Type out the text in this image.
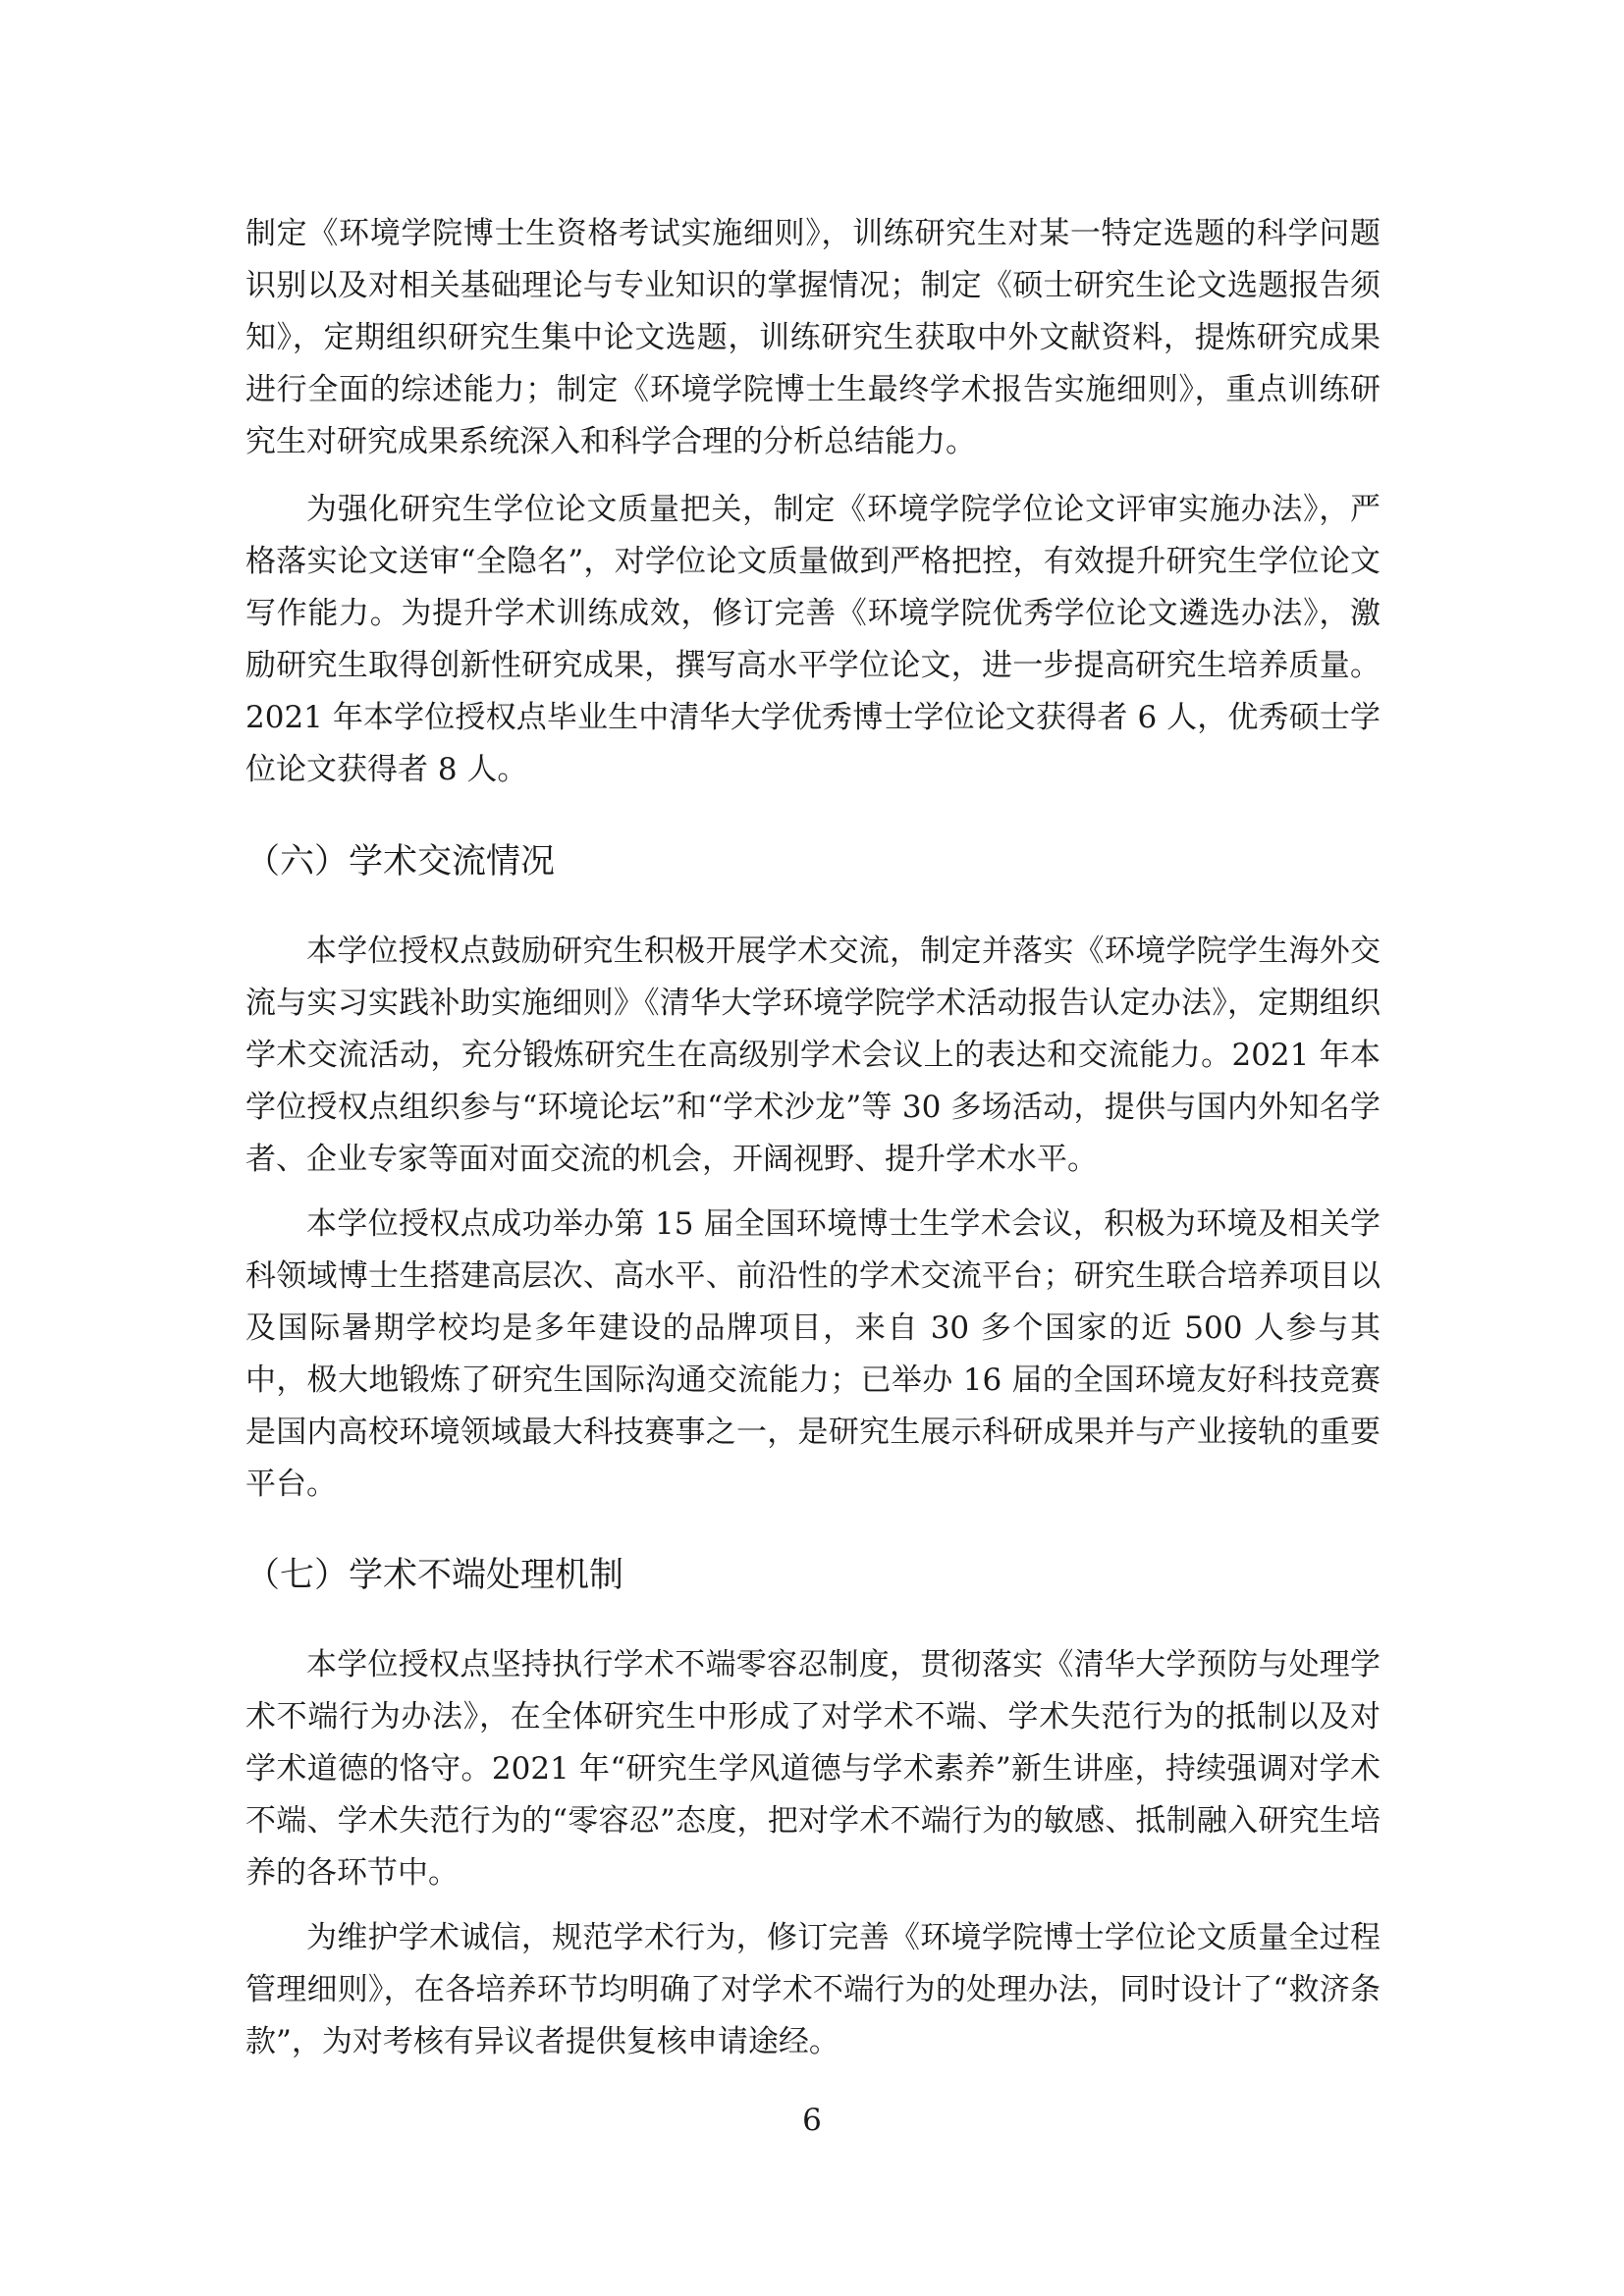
制定《环境学院博士生资格考试实施细则》，训练研究生对某一特定选题的科学问题识别以及对相关基础理论与专业知识的掌握情况；制定《硕士研究生论文选题报告须知》，定期组织研究生集中论文选题，训练研究生获取中外文献资料，提炼研究成果进行全面的综述能力；制定《环境学院博士生最终学术报告实施细则》，重点训练研究生对研究成果系统深入和科学合理的分析总结能力。

为强化研究生学位论文质量把关，制定《环境学院学位论文评审实施办法》，严格落实论文送审“全隐名”，对学位论文质量做到严格把控，有效提升研究生学位论文写作能力。为提升学术训练成效，修订完善《环境学院优秀学位论文遴选办法》，激励研究生取得创新性研究成果，撰写高水平学位论文，进一步提高研究生培养质量。2021 年本学位授权点毕业生中清华大学优秀博士学位论文获得者 6 人，优秀硕士学位论文获得者 8 人。

（六）学术交流情况

本学位授权点鼓励研究生积极开展学术交流，制定并落实《环境学院学生海外交流与实习实践补助实施细则》《清华大学环境学院学术活动报告认定办法》，定期组织学术交流活动，充分锻炼研究生在高级别学术会议上的表达和交流能力。2021 年本学位授权点组织参与“环境论坛”和“学术沙龙”等 30 多场活动，提供与国内外知名学者、企业专家等面对面交流的机会，开阔视野、提升学术水平。

本学位授权点成功举办第 15 届全国环境博士生学术会议，积极为环境及相关学科领域博士生搭建高层次、高水平、前沿性的学术交流平台；研究生联合培养项目以及国际暑期学校均是多年建设的品牌项目，来自 30 多个国家的近 500 人参与其中，极大地锻炼了研究生国际沟通交流能力；已举办 16 届的全国环境友好科技竞赛是国内高校环境领域最大科技赛事之一，是研究生展示科研成果并与产业接轨的重要平台。

（七）学术不端处理机制

本学位授权点坚持执行学术不端零容忍制度，贯彻落实《清华大学预防与处理学术不端行为办法》，在全体研究生中形成了对学术不端、学术失范行为的抵制以及对学术道德的恪守。2021 年“研究生学风道德与学术素养”新生讲座，持续强调对学术不端、学术失范行为的“零容忍”态度，把对学术不端行为的敏感、抵制融入研究生培养的各环节中。

为维护学术诚信，规范学术行为，修订完善《环境学院博士学位论文质量全过程管理细则》，在各培养环节均明确了对学术不端行为的处理办法，同时设计了“救济条款”，为对考核有异议者提供复核申请途经。

6
